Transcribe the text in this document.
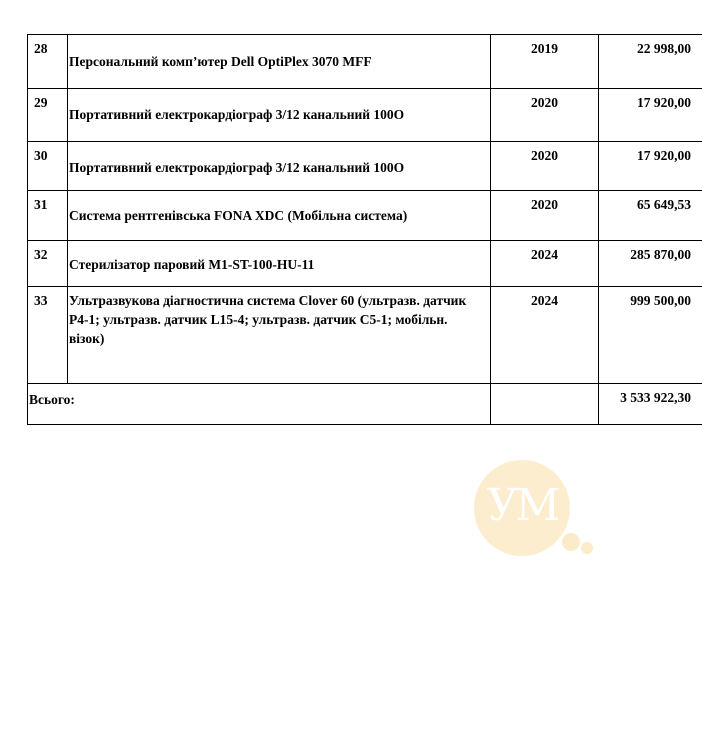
28	Персональний комп’ютер Dell OptiPlex 3070 MFF	2019	22 998,00
29	Портативний електрокардіограф 3/12 канальний 100О	2020	17 920,00
30	Портативний електрокардіограф 3/12 канальний 100О	2020	17 920,00
31	Система рентгенівська FONA XDC (Мобільна система)	2020	65 649,53
32	Стерилізатор паровий M1-ST-100-HU-11	2024	285 870,00
33	Ультразвукова діагностична система Clover 60 (ультразв. датчик P4-1; ультразв. датчик L15-4; ультразв. датчик C5-1; мобільн. візок)	2024	999 500,00
Всього:			3 533 922,30
УМ
